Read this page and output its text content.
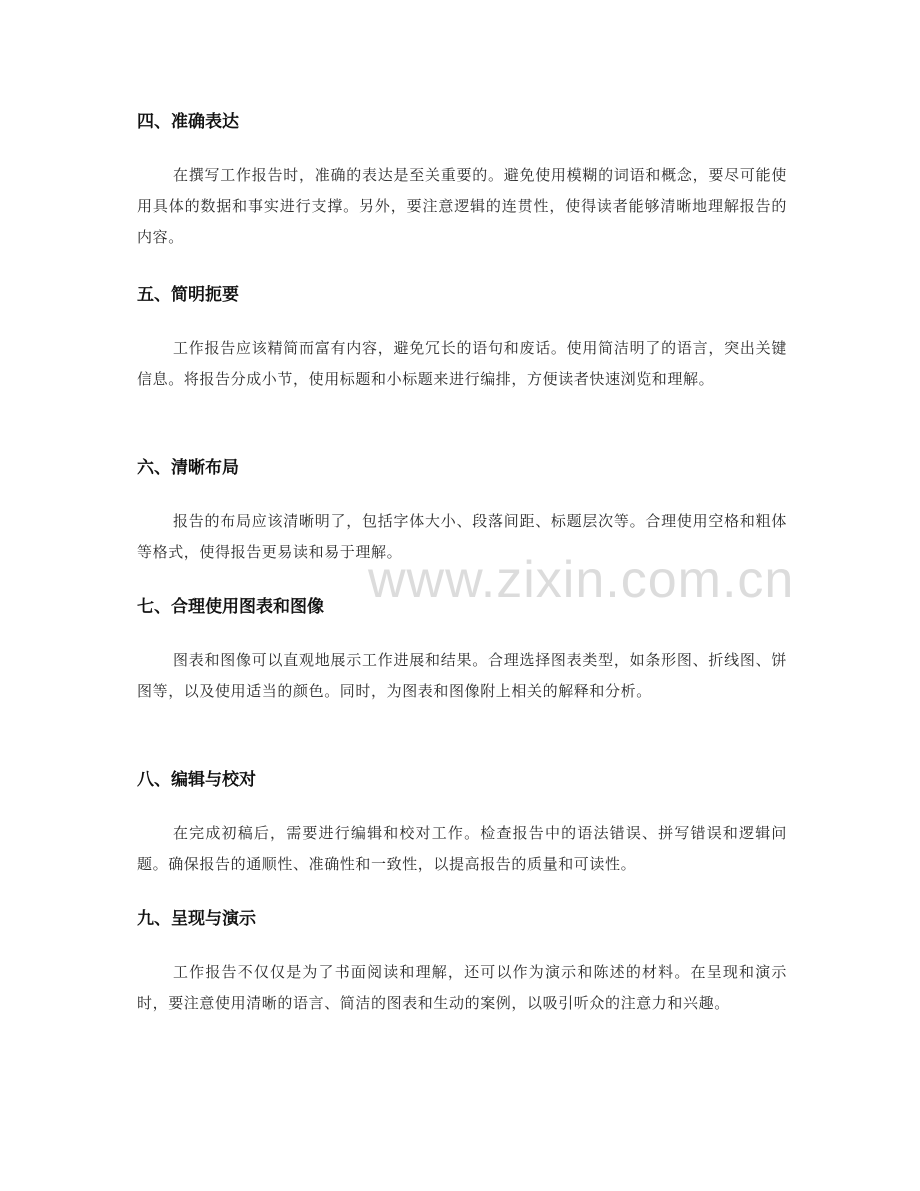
www.zixin.com.cn
四、准确表达

在撰写工作报告时，准确的表达是至关重要的。避免使用模糊的词语和概念，要尽可能使用具体的数据和事实进行支撑。另外，要注意逻辑的连贯性，使得读者能够清晰地理解报告的内容。

五、简明扼要

工作报告应该精简而富有内容，避免冗长的语句和废话。使用简洁明了的语言，突出关键信息。将报告分成小节，使用标题和小标题来进行编排，方便读者快速浏览和理解。

六、清晰布局

报告的布局应该清晰明了，包括字体大小、段落间距、标题层次等。合理使用空格和粗体等格式，使得报告更易读和易于理解。

七、合理使用图表和图像

图表和图像可以直观地展示工作进展和结果。合理选择图表类型，如条形图、折线图、饼图等，以及使用适当的颜色。同时，为图表和图像附上相关的解释和分析。

八、编辑与校对

在完成初稿后，需要进行编辑和校对工作。检查报告中的语法错误、拼写错误和逻辑问题。确保报告的通顺性、准确性和一致性，以提高报告的质量和可读性。

九、呈现与演示

工作报告不仅仅是为了书面阅读和理解，还可以作为演示和陈述的材料。在呈现和演示时，要注意使用清晰的语言、简洁的图表和生动的案例，以吸引听众的注意力和兴趣。
